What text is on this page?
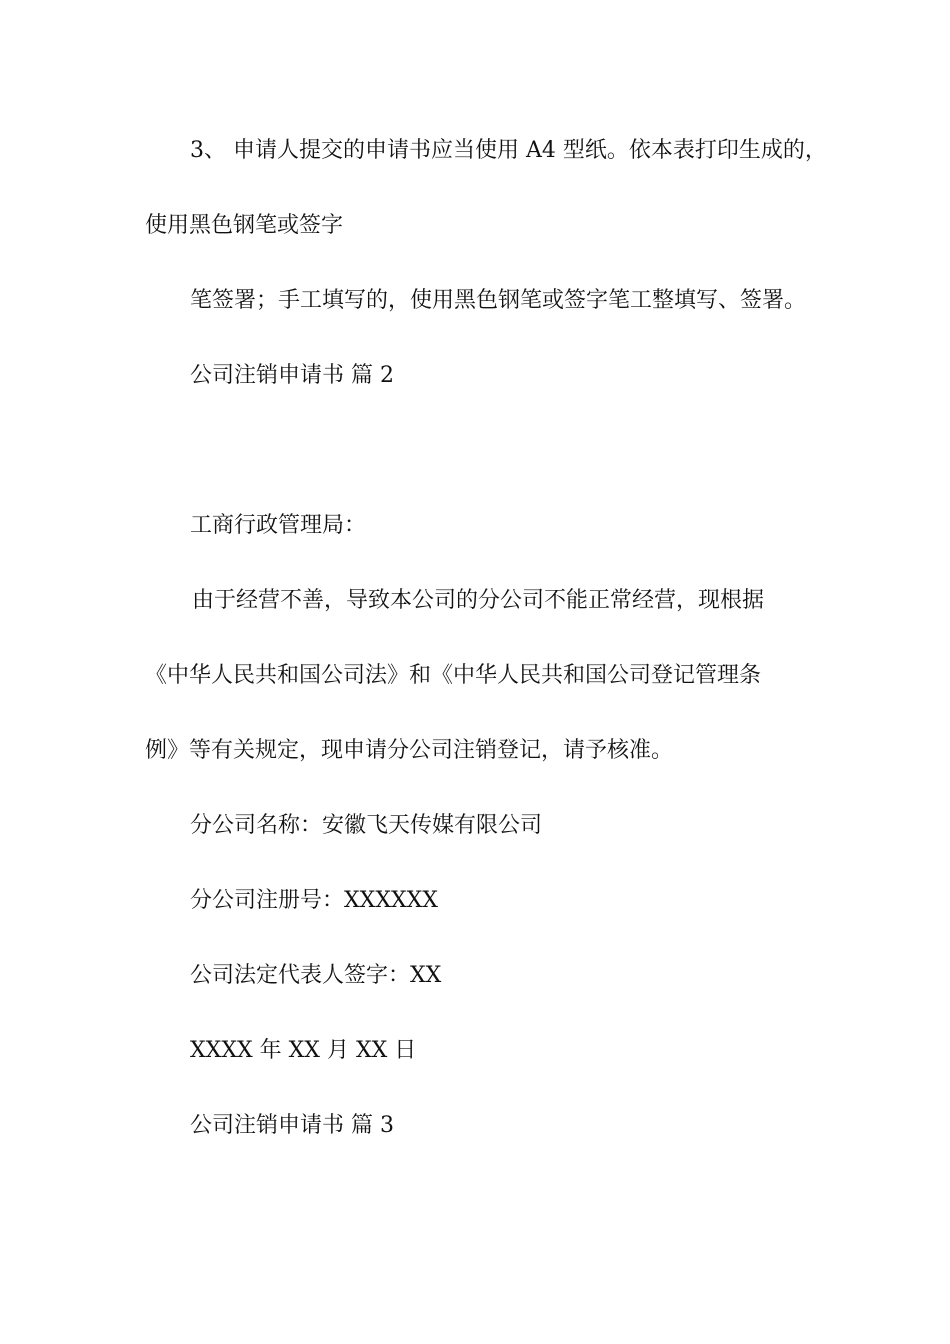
3、 申请人提交的申请书应当使用 A4 型纸。依本表打印生成的，
使用黑色钢笔或签字
笔签署；手工填写的，使用黑色钢笔或签字笔工整填写、签署。
公司注销申请书 篇 2
工商行政管理局：
由于经营不善，导致本公司的分公司不能正常经营，现根据
《中华人民共和国公司法》和《中华人民共和国公司登记管理条
例》等有关规定，现申请分公司注销登记，请予核准。
分公司名称：安徽飞天传媒有限公司
分公司注册号：XXXXXX
公司法定代表人签字：XX
XXXX 年 XX 月 XX 日
公司注销申请书 篇 3
